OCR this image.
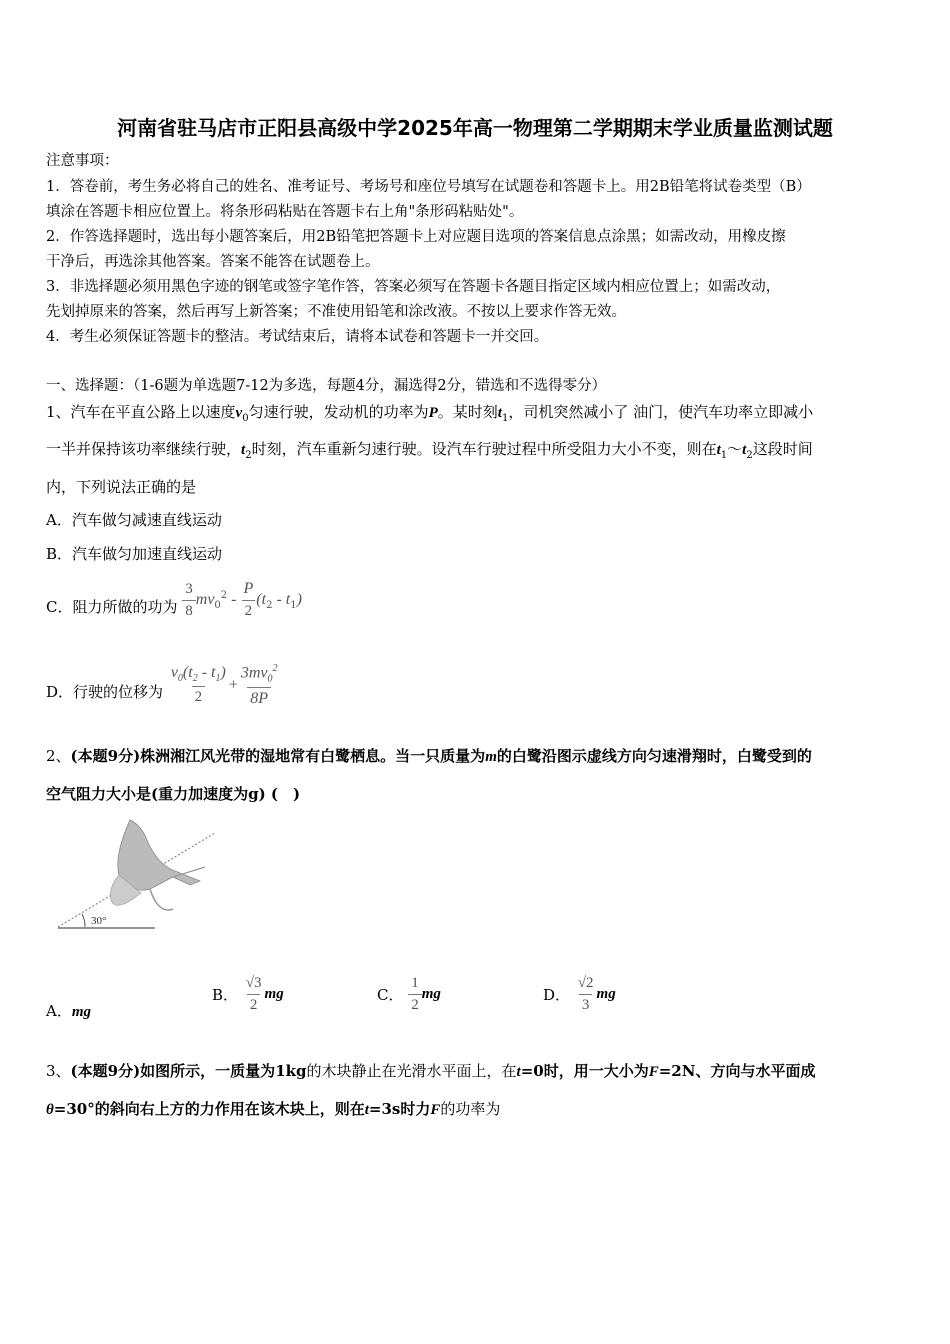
河南省驻马店市正阳县高级中学2025年高一物理第二学期期末学业质量监测试题
注意事项：
1．答卷前，考生务必将自己的姓名、准考证号、考场号和座位号填写在试题卷和答题卡上。用2B铅笔将试卷类型（B）
填涂在答题卡相应位置上。将条形码粘贴在答题卡右上角"条形码粘贴处"。
2．作答选择题时，选出每小题答案后，用2B铅笔把答题卡上对应题目选项的答案信息点涂黑；如需改动，用橡皮擦
干净后，再选涂其他答案。答案不能答在试题卷上。
3．非选择题必须用黑色字迹的钢笔或签字笔作答，答案必须写在答题卡各题目指定区域内相应位置上；如需改动，
先划掉原来的答案，然后再写上新答案；不准使用铅笔和涂改液。不按以上要求作答无效。
4．考生必须保证答题卡的整洁。考试结束后，请将本试卷和答题卡一并交回。
一、选择题：（1-6题为单选题7-12为多选，每题4分，漏选得2分，错选和不选得零分）
1、汽车在平直公路上以速度$v_0$匀速行驶，发动机的功率为P。某时刻$t_1$，司机突然减小了 油门，使汽车功率立即减小
一半并保持该功率继续行驶，$t_2$时刻，汽车重新匀速行驶。设汽车行驶过程中所受阻力大小不变，则在$t_1\sim t_2$这段时间
内，下列说法正确的是
A．汽车做匀减速直线运动
B．汽车做匀加速直线运动
C．阻力所做的功为 $\frac{3}{8} mv_0^2 - \frac{P}{2} (t_2 - t_1)$
D．行驶的位移为 $\frac{v_0(t_2 - t_1)}{2} + \frac{3mv_0^2}{8P}$
2、(本题9分)株洲湘江风光带的湿地常有白鹭栖息。当一只质量为m的白鹭沿图示虚线方向匀速滑翔时，白鹭受到的
空气阻力大小是(重力加速度为g) (　)
30°
A．mg
B． $\frac{√3}{2}$ mg	C． $\frac{1}{2}$ mg	D． $\frac{√2}{3}$ mg
3、(本题9分)如图所示，一质量为1kg的木块静止在光滑水平面上，在t=0时，用一大小为F=2N、方向与水平面成
θ=30°的斜向右上方的力作用在该木块上，则在t=3s时力F的功率为
